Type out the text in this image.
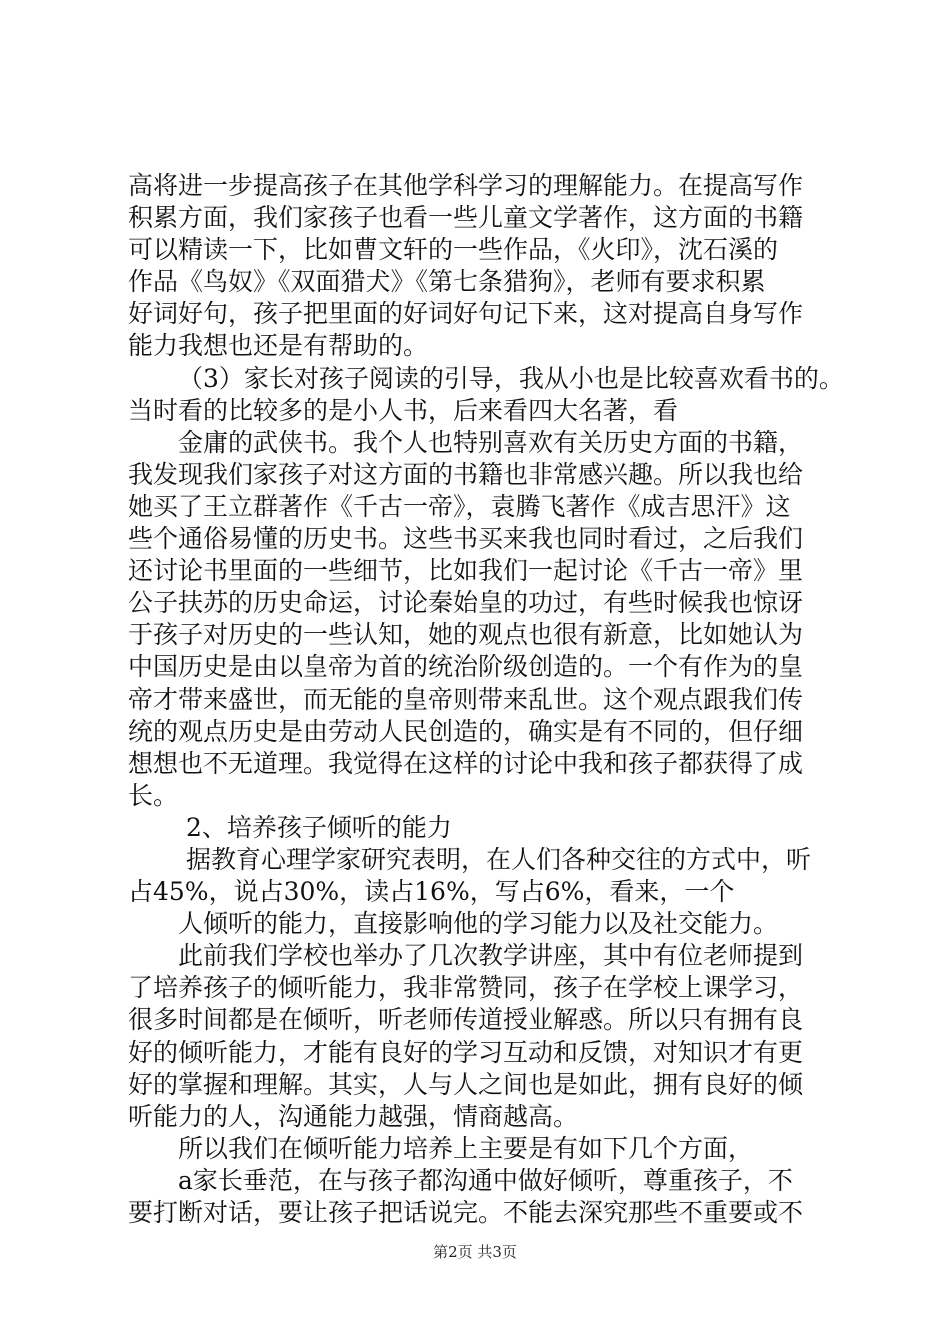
高将进一步提高孩子在其他学科学习的理解能力。在提高写作
积累方面，我们家孩子也看一些儿童文学著作，这方面的书籍
可以精读一下，比如曹文轩的一些作品，《火印》，沈石溪的
作品《鸟奴》《双面猎犬》《第七条猎狗》，老师有要求积累
好词好句，孩子把里面的好词好句记下来，这对提高自身写作
能力我想也还是有帮助的。
（3）家长对孩子阅读的引导，我从小也是比较喜欢看书的。
当时看的比较多的是小人书，后来看四大名著，看
金庸的武侠书。我个人也特别喜欢有关历史方面的书籍，
我发现我们家孩子对这方面的书籍也非常感兴趣。所以我也给
她买了王立群著作《千古一帝》，袁腾飞著作《成吉思汗》这
些个通俗易懂的历史书。这些书买来我也同时看过，之后我们
还讨论书里面的一些细节，比如我们一起讨论《千古一帝》里
公子扶苏的历史命运，讨论秦始皇的功过，有些时候我也惊讶
于孩子对历史的一些认知，她的观点也很有新意，比如她认为
中国历史是由以皇帝为首的统治阶级创造的。一个有作为的皇
帝才带来盛世，而无能的皇帝则带来乱世。这个观点跟我们传
统的观点历史是由劳动人民创造的，确实是有不同的，但仔细
想想也不无道理。我觉得在这样的讨论中我和孩子都获得了成
长。
2、培养孩子倾听的能力
据教育心理学家研究表明，在人们各种交往的方式中，听
占45%，说占30%，读占16%，写占6%，看来，一个
人倾听的能力，直接影响他的学习能力以及社交能力。
此前我们学校也举办了几次教学讲座，其中有位老师提到
了培养孩子的倾听能力，我非常赞同，孩子在学校上课学习，
很多时间都是在倾听，听老师传道授业解惑。所以只有拥有良
好的倾听能力，才能有良好的学习互动和反馈，对知识才有更
好的掌握和理解。其实，人与人之间也是如此，拥有良好的倾
听能力的人，沟通能力越强，情商越高。
所以我们在倾听能力培养上主要是有如下几个方面，
a家长垂范，在与孩子都沟通中做好倾听，尊重孩子，不
要打断对话，要让孩子把话说完。不能去深究那些不重要或不
第2页 共3页
